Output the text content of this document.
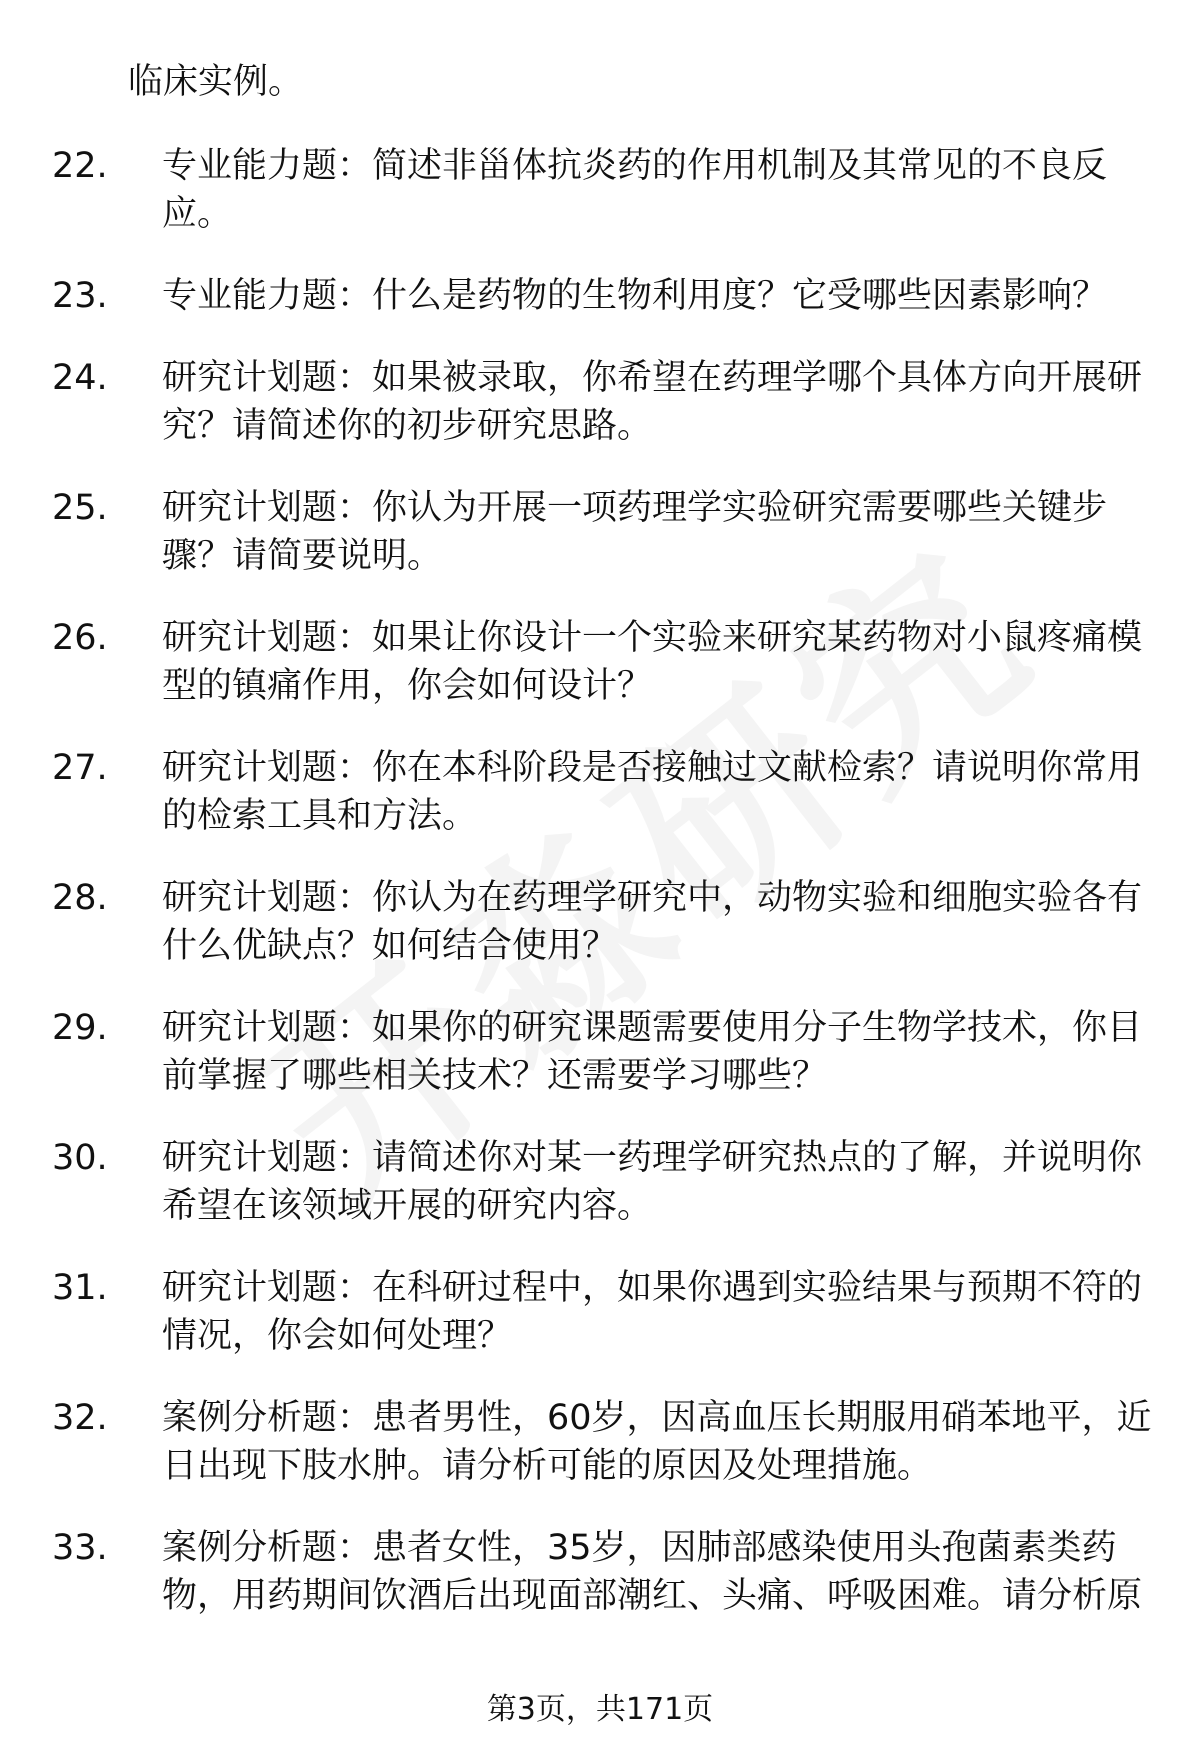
临床实例。
22.	专业能力题：简述非甾体抗炎药的作用机制及其常见的不良反应。
23.	专业能力题：什么是药物的生物利用度？它受哪些因素影响？
24.	研究计划题：如果被录取，你希望在药理学哪个具体方向开展研究？请简述你的初步研究思路。
25.	研究计划题：你认为开展一项药理学实验研究需要哪些关键步骤？请简要说明。
26.	研究计划题：如果让你设计一个实验来研究某药物对小鼠疼痛模型的镇痛作用，你会如何设计？
27.	研究计划题：你在本科阶段是否接触过文献检索？请说明你常用的检索工具和方法。
28.	研究计划题：你认为在药理学研究中，动物实验和细胞实验各有什么优缺点？如何结合使用？
29.	研究计划题：如果你的研究课题需要使用分子生物学技术，你目前掌握了哪些相关技术？还需要学习哪些？
30.	研究计划题：请简述你对某一药理学研究热点的了解，并说明你希望在该领域开展的研究内容。
31.	研究计划题：在科研过程中，如果你遇到实验结果与预期不符的情况，你会如何处理？
32.	案例分析题：患者男性，60岁，因高血压长期服用硝苯地平，近日出现下肢水肿。请分析可能的原因及处理措施。
33.	案例分析题：患者女性，35岁，因肺部感染使用头孢菌素类药物，用药期间饮酒后出现面部潮红、头痛、呼吸困难。请分析原
第3页，共171页
